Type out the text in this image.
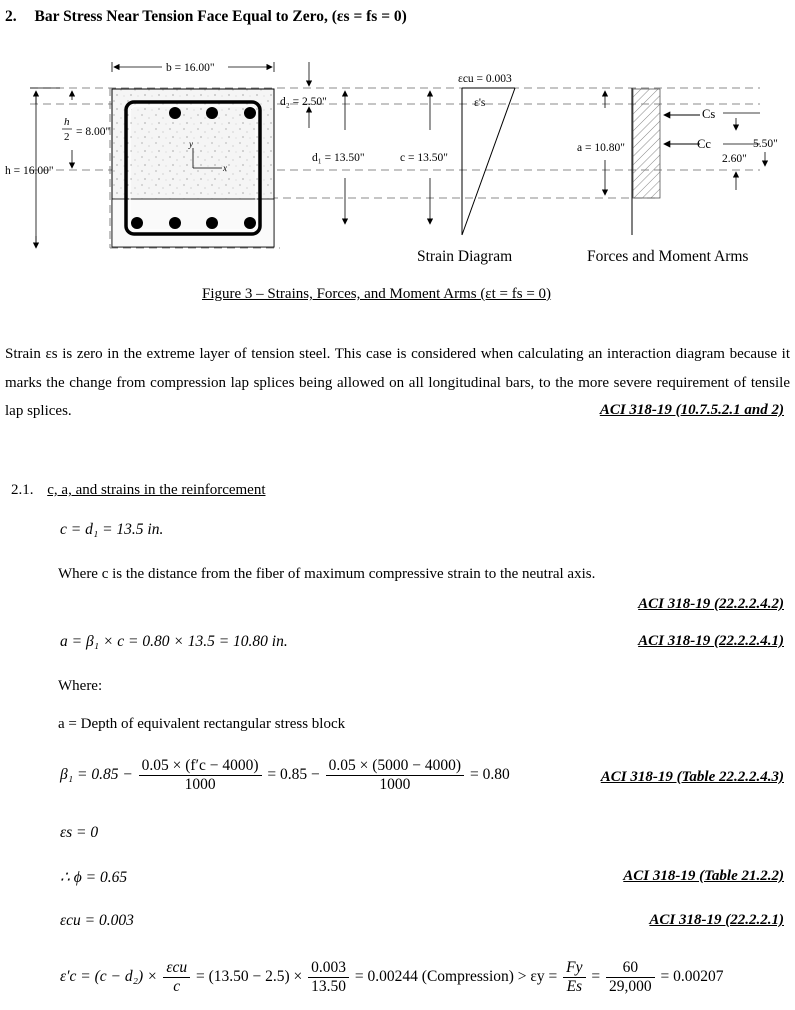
2. Bar Stress Near Tension Face Equal to Zero, (εs = fs = 0)
y
x
b = 16.00"
h = 16.00"
h
2 = 8.00"
d₂ = 2.50"
d₁ = 13.50"	c = 13.50"
εcu = 0.003
ε's
a = 10.80"
Cs
Cc	5.50"
2.60"
Strain Diagram	Forces and Moment Arms
Figure 3 – Strains, Forces, and Moment Arms (εt = fs = 0)
Strain εs is zero in the extreme layer of tension steel. This case is considered when calculating an interaction diagram because it marks the change from compression lap splices being allowed on all longitudinal bars, to the more severe requirement of tensile lap splices.	ACI 318-19 (10.7.5.2.1 and 2)
2.1. c, a, and strains in the reinforcement
c = d₁ = 13.5 in.
Where c is the distance from the fiber of maximum compressive strain to the neutral axis.
ACI 318-19 (22.2.2.4.2)
a = β₁ × c = 0.80 × 13.5 = 10.80 in.	ACI 318-19 (22.2.2.4.1)
Where:
a = Depth of equivalent rectangular stress block
$\beta_1 = 0.85 - \frac{0.05 \times (f'c - 4000)}{1000} = 0.85 - \frac{0.05 \times (5000 - 4000)}{1000} = 0.80$	ACI 318-19 (Table 22.2.2.4.3)
εs = 0
∴ ϕ = 0.65	ACI 318-19 (Table 21.2.2)
εcu = 0.003	ACI 318-19 (22.2.2.1)
$\varepsilon'c = (c - d_2) \times \frac{\text{εcu}}{c} = (13.50 - 2.5) \times \frac{0.003}{13.50} = 0.00244$ (Compression) > $\varepsilon y = \frac{Fy}{Es} = \frac{60}{29,000} = 0.00207$
